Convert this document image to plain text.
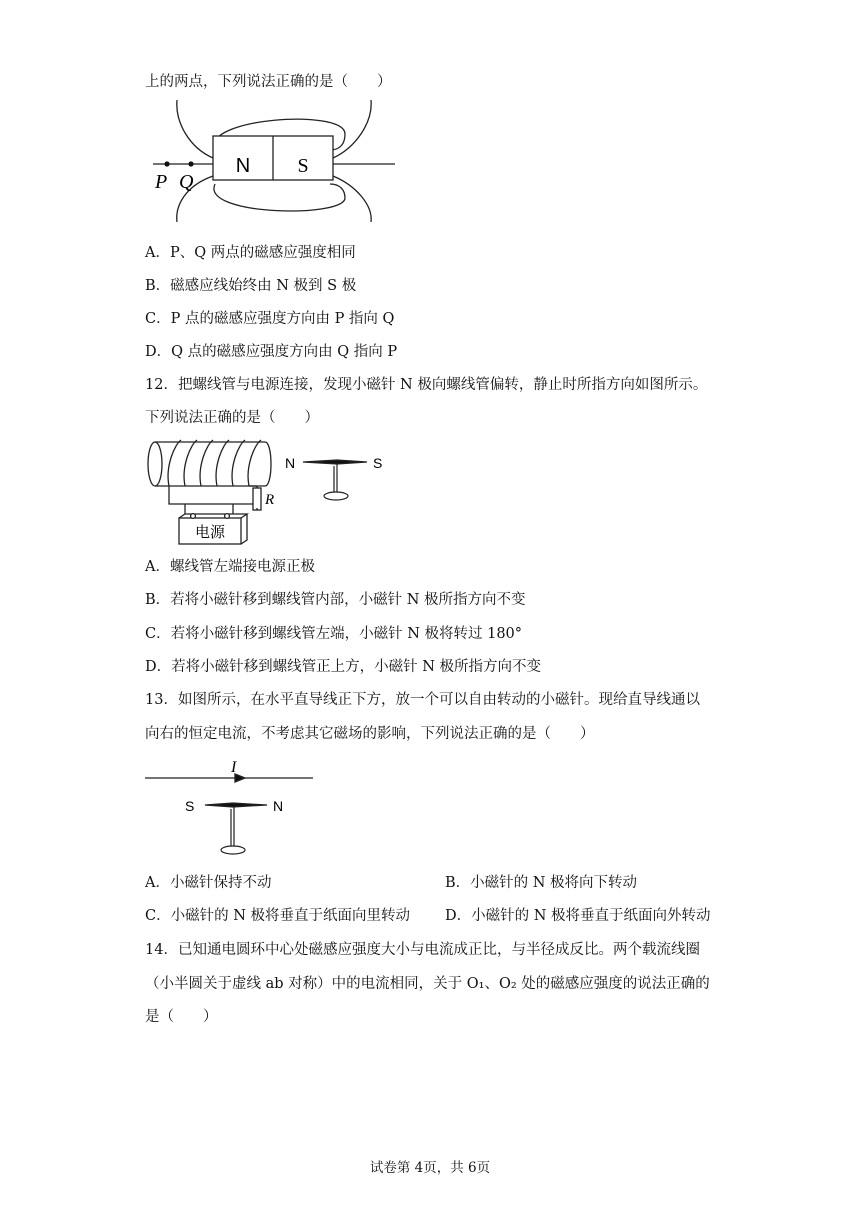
上的两点，下列说法正确的是（　　）
N S
P Q
A．P、Q 两点的磁感应强度相同
B．磁感应线始终由 N 极到 S 极
C．P 点的磁感应强度方向由 P 指向 Q
D．Q 点的磁感应强度方向由 Q 指向 P
12．把螺线管与电源连接，发现小磁针 N 极向螺线管偏转，静止时所指方向如图所示。
下列说法正确的是（　　）
R
电源
N	S
A．螺线管左端接电源正极
B．若将小磁针移到螺线管内部，小磁针 N 极所指方向不变
C．若将小磁针移到螺线管左端，小磁针 N 极将转过 180°
D．若将小磁针移到螺线管正上方，小磁针 N 极所指方向不变
13．如图所示，在水平直导线正下方，放一个可以自由转动的小磁针。现给直导线通以
向右的恒定电流，不考虑其它磁场的影响，下列说法正确的是（　　）
I
S	N
A．小磁针保持不动	B．小磁针的 N 极将向下转动
C．小磁针的 N 极将垂直于纸面向里转动 D．小磁针的 N 极将垂直于纸面向外转动
14．已知通电圆环中心处磁感应强度大小与电流成正比，与半径成反比。两个载流线圈
（小半圆关于虚线 ab 对称）中的电流相同，关于 O₁、O₂ 处的磁感应强度的说法正确的
是（　　）
试卷第 4页，共 6页
